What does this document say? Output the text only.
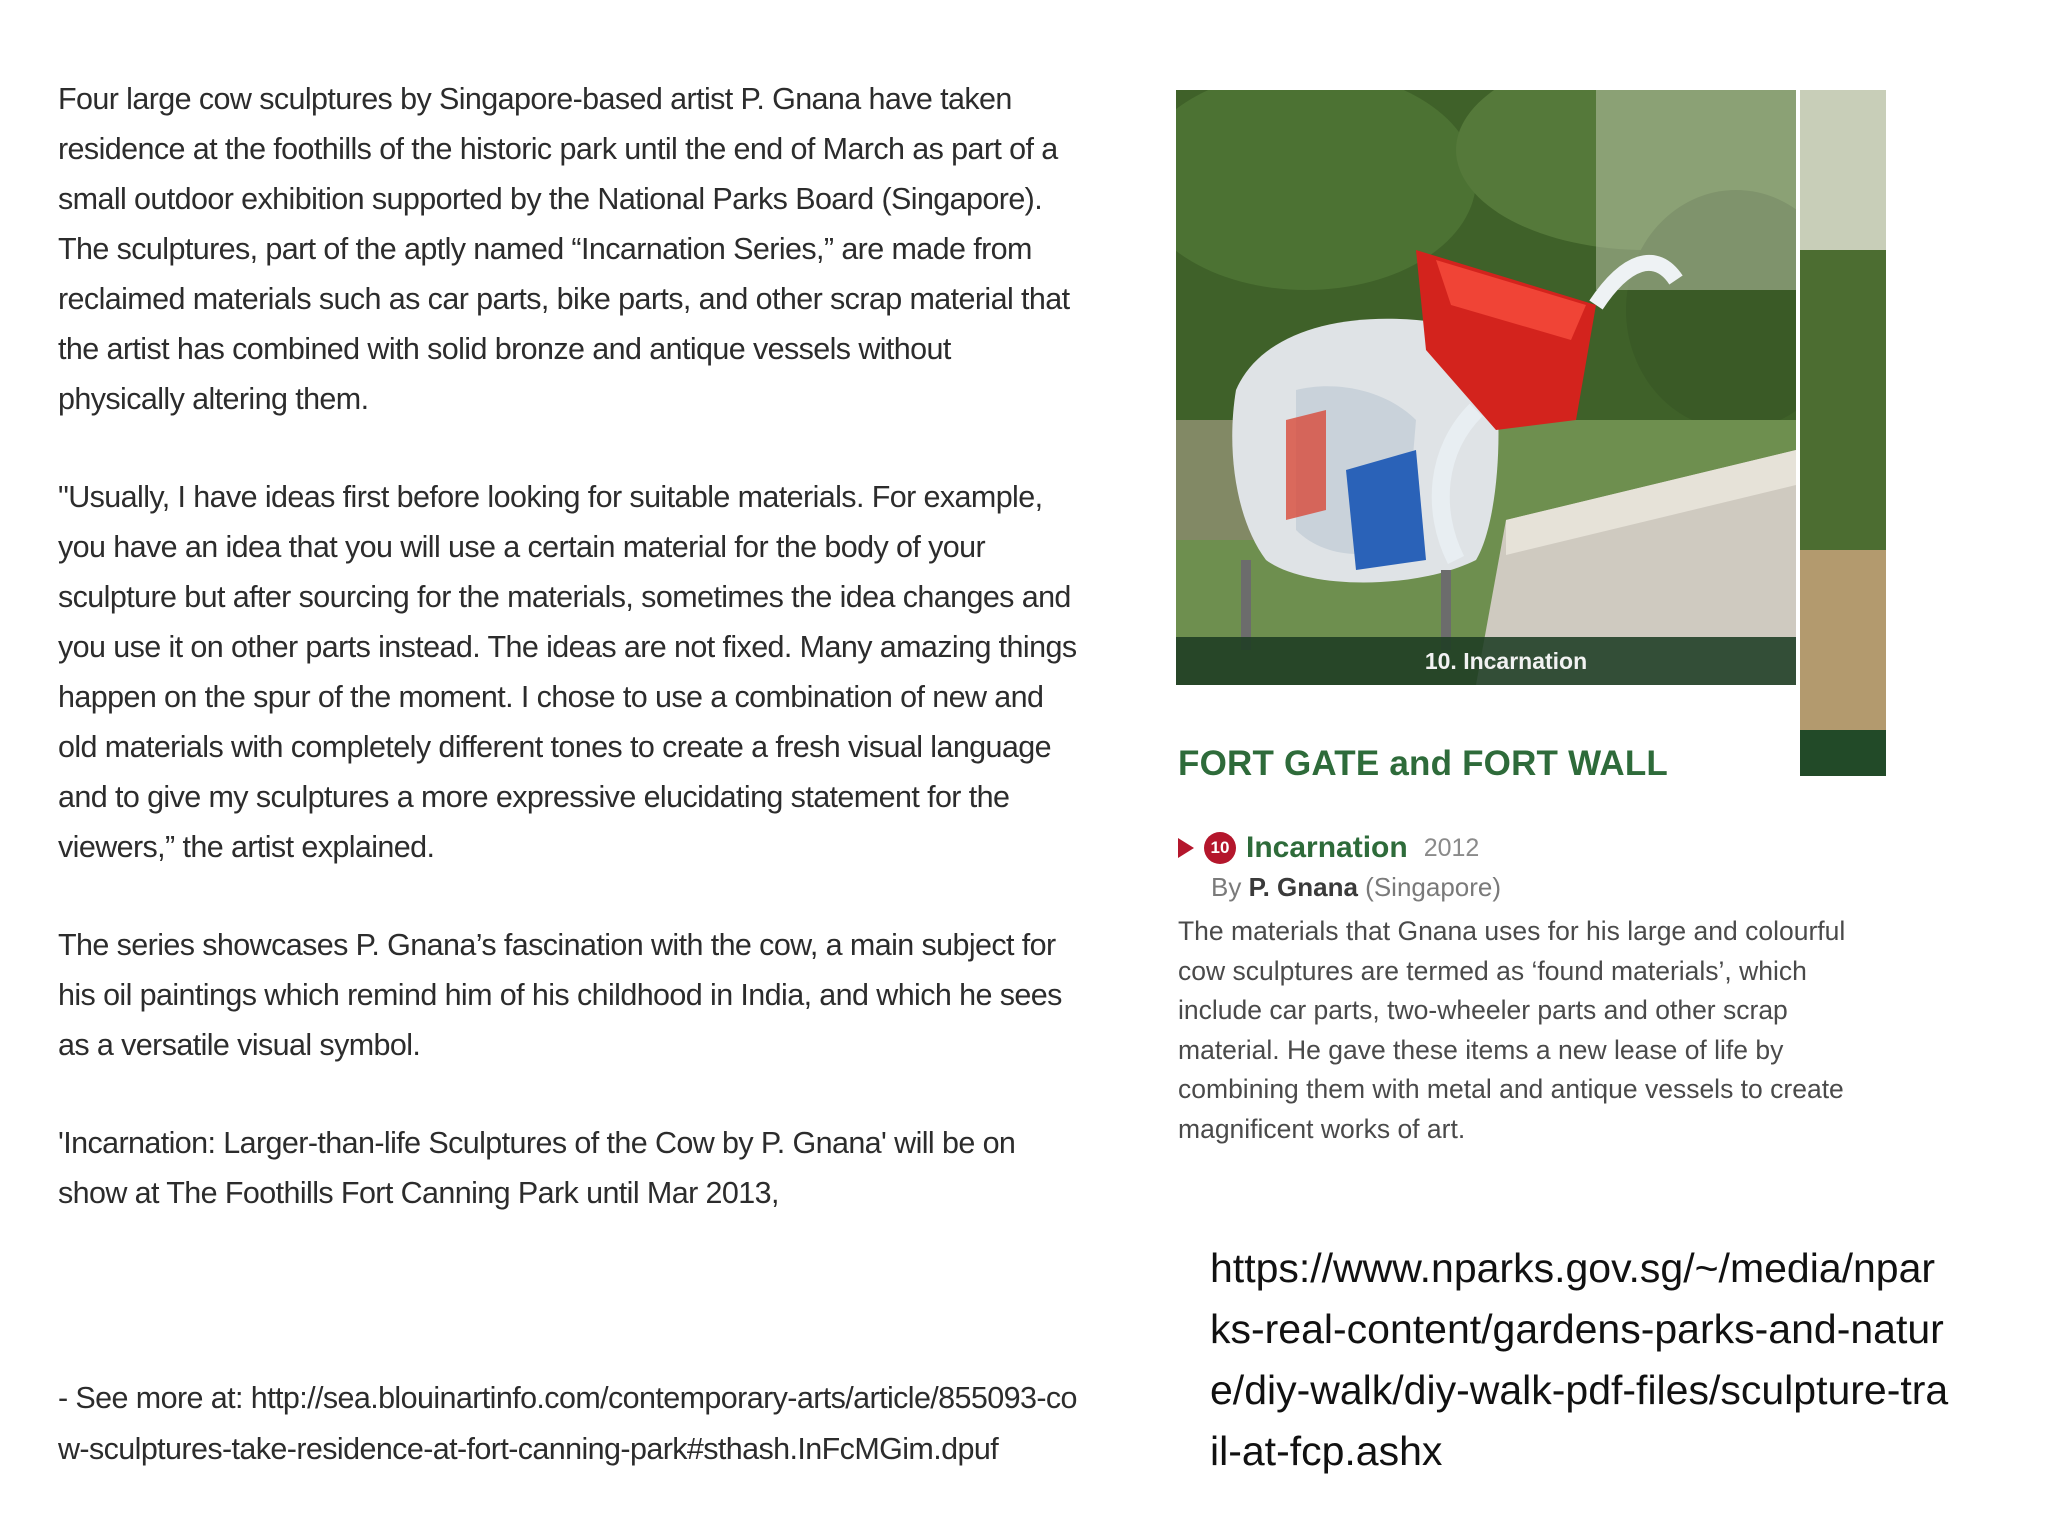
Four large cow sculptures by Singapore-based artist P. Gnana have taken residence at the foothills of the historic park until the end of March as part of a small outdoor exhibition supported by the National Parks Board (Singapore). The sculptures, part of the aptly named “Incarnation Series,” are made from reclaimed materials such as car parts, bike parts, and other scrap material that the artist has combined with solid bronze and antique vessels without physically altering them.

"Usually, I have ideas first before looking for suitable materials. For example, you have an idea that you will use a certain material for the body of your sculpture but after sourcing for the materials, sometimes the idea changes and you use it on other parts instead. The ideas are not fixed. Many amazing things happen on the spur of the moment. I chose to use a combination of new and old materials with completely different tones to create a fresh visual language and to give my sculptures a more expressive elucidating statement for the viewers,” the artist explained.

The series showcases P. Gnana’s fascination with the cow, a main subject for his oil paintings which remind him of his childhood in India, and which he sees as a versatile visual symbol.

'Incarnation: Larger-than-life Sculptures of the Cow by P. Gnana' will be on show at The Foothills Fort Canning Park until Mar 2013,

- See more at: http://sea.blouinartinfo.com/contemporary-arts/article/855093-cow-sculptures-take-residence-at-fort-canning-park#sthash.InFcMGim.dpuf
10. Incarnation
FORT GATE and FORT WALL
10 Incarnation 2012
By P. Gnana (Singapore)
The materials that Gnana uses for his large and colourful cow sculptures are termed as ‘found materials’, which include car parts, two-wheeler parts and other scrap material. He gave these items a new lease of life by combining them with metal and antique vessels to create magnificent works of art.
https://www.nparks.gov.sg/~/media/nparks-real-content/gardens-parks-and-nature/diy-walk/diy-walk-pdf-files/sculpture-trail-at-fcp.ashx
